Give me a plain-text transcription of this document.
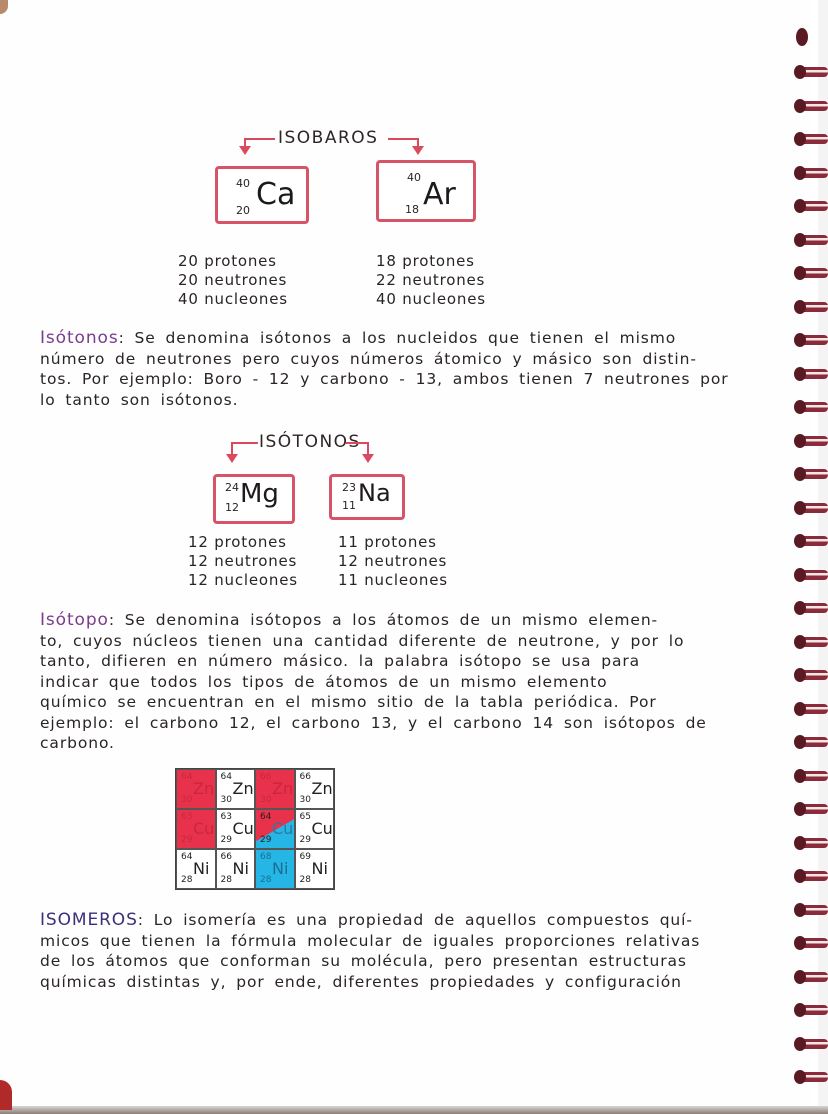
ISOBAROS
40
20 Ca	40
18 Ar
20 protones
20 neutrones
40 nucleones
18 protones
22 neutrones
40 nucleones
Isótonos: Se denomina isótonos a los nucleidos que tienen el mismo
número de neutrones pero cuyos números átomico y másico son distin-
tos. Por ejemplo: Boro - 12 y carbono - 13, ambos tienen 7 neutrones por
lo tanto son isótonos.
ISÓTONOS
24
12 Mg	23
11 Na
12 protones
12 neutrones
12 nucleones
11 protones
12 neutrones
11 nucleones
Isótopo: Se denomina isótopos a los átomos de un mismo elemen-
to, cuyos núcleos tienen una cantidad diferente de neutrone, y por lo
tanto, difieren en número másico. la palabra isótopo se usa para
indicar que todos los tipos de átomos de un mismo elemento
químico se encuentran en el mismo sitio de la tabla periódica. Por
ejemplo: el carbono 12, el carbono 13, y el carbono 14 son isótopos de
carbono.
64
Zn
30
64
Zn
30
66
Zn
30
66
Zn
30
63
Cu
29
63
Cu
29
64
Cu
29
65
Cu
29
64
Ni
28
66
Ni
28
68
Ni
28
69
Ni
28
ISOMEROS: Lo isomería es una propiedad de aquellos compuestos quí-
micos que tienen la fórmula molecular de iguales proporciones relativas
de los átomos que conforman su molécula, pero presentan estructuras
químicas distintas y, por ende, diferentes propiedades y configuración
